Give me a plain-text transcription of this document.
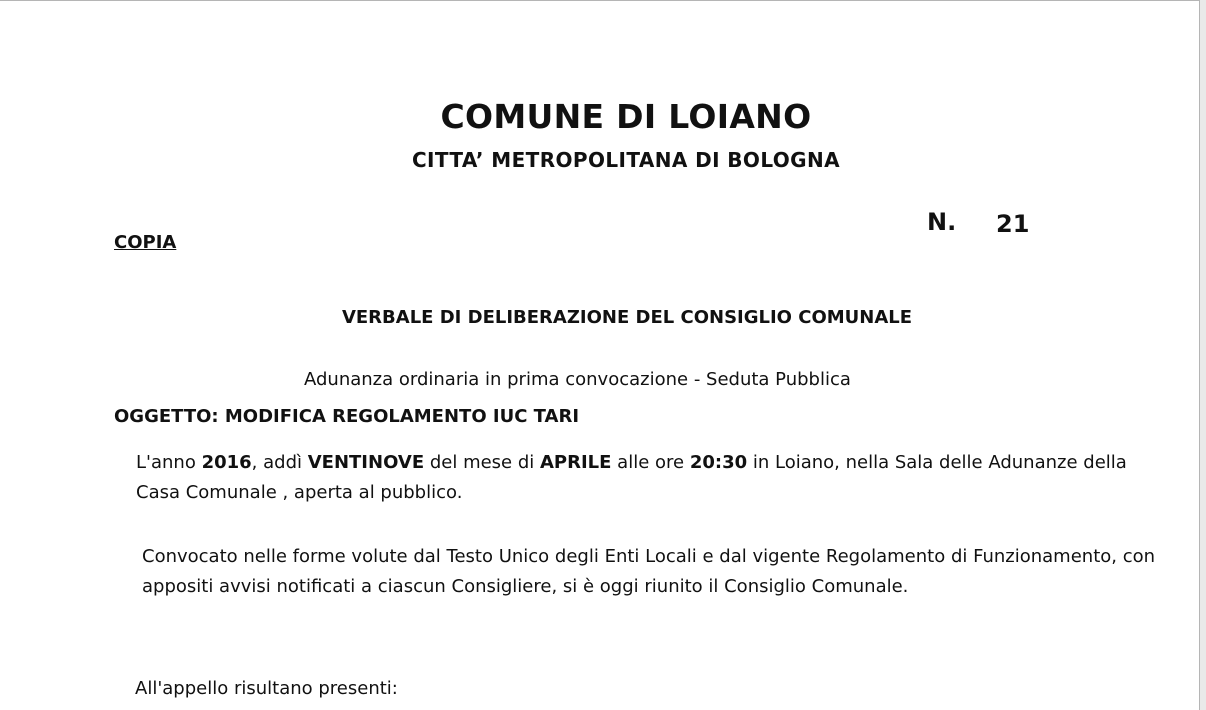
COMUNE DI LOIANO
CITTA’ METROPOLITANA DI BOLOGNA
COPIA
N. 21
VERBALE DI DELIBERAZIONE DEL CONSIGLIO COMUNALE
Adunanza ordinaria in prima convocazione - Seduta Pubblica
OGGETTO: MODIFICA REGOLAMENTO IUC TARI
L'anno 2016, addì VENTINOVE del mese di APRILE alle ore 20:30 in Loiano, nella Sala delle Adunanze della Casa Comunale , aperta al pubblico.
Convocato nelle forme volute dal Testo Unico degli Enti Locali e dal vigente Regolamento di Funzionamento, con appositi avvisi notificati a ciascun Consigliere, si è oggi riunito il Consiglio Comunale.
All'appello risultano presenti:
